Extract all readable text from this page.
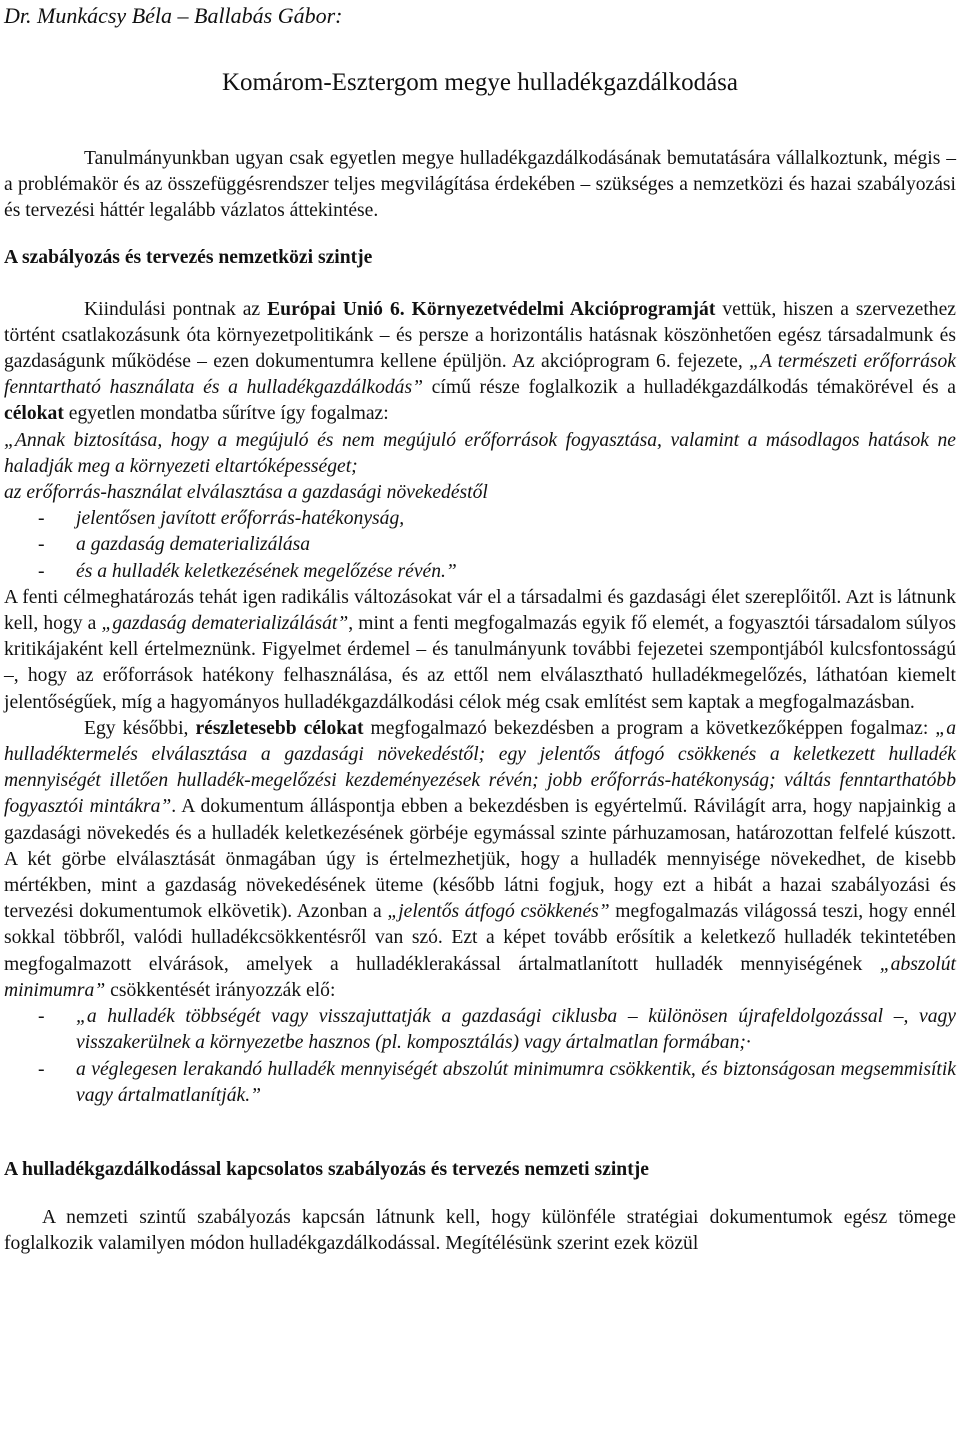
Dr. Munkácsy Béla – Ballabás Gábor:

Komárom-Esztergom megye hulladékgazdálkodása

Tanulmányunkban ugyan csak egyetlen megye hulladékgazdálkodásának bemutatására vállalkoztunk, mégis – a problémakör és az összefüggésrendszer teljes megvilágítása érdekében – szükséges a nemzetközi és hazai szabályozási és tervezési háttér legalább vázlatos áttekintése.

A szabályozás és tervezés nemzetközi szintje

Kiindulási pontnak az Európai Unió 6. Környezetvédelmi Akcióprogramját vettük, hiszen a szervezethez történt csatlakozásunk óta környezetpolitikánk – és persze a horizontális hatásnak köszönhetően egész társadalmunk és gazdaságunk működése – ezen dokumentumra kellene épüljön. Az akcióprogram 6. fejezete, „A természeti erőforrások fenntartható használata és a hulladékgazdálkodás” című része foglalkozik a hulladékgazdálkodás témakörével és a célokat egyetlen mondatba sűrítve így fogalmaz:

„Annak biztosítása, hogy a megújuló és nem megújuló erőforrások fogyasztása, valamint a másodlagos hatások ne haladják meg a környezeti eltartóképességet;

az erőforrás-használat elválasztása a gazdasági növekedéstől

- jelentősen javított erőforrás-hatékonyság,
- a gazdaság dematerializálása
- és a hulladék keletkezésének megelőzése révén.”

A fenti célmeghatározás tehát igen radikális változásokat vár el a társadalmi és gazdasági élet szereplőitől. Azt is látnunk kell, hogy a „gazdaság dematerializálását”, mint a fenti megfogalmazás egyik fő elemét, a fogyasztói társadalom súlyos kritikájaként kell értelmeznünk. Figyelmet érdemel – és tanulmányunk további fejezetei szempontjából kulcsfontosságú –, hogy az erőforrások hatékony felhasználása, és az ettől nem elválasztható hulladékmegelőzés, láthatóan kiemelt jelentőségűek, míg a hagyományos hulladékgazdálkodási célok még csak említést sem kaptak a megfogalmazásban.

Egy későbbi, részletesebb célokat megfogalmazó bekezdésben a program a következőképpen fogalmaz: „a hulladéktermelés elválasztása a gazdasági növekedéstől; egy jelentős átfogó csökkenés a keletkezett hulladék mennyiségét illetően hulladék-megelőzési kezdeményezések révén; jobb erőforrás-hatékonyság; váltás fenntarthatóbb fogyasztói mintákra”. A dokumentum álláspontja ebben a bekezdésben is egyértelmű. Rávilágít arra, hogy napjainkig a gazdasági növekedés és a hulladék keletkezésének görbéje egymással szinte párhuzamosan, határozottan felfelé kúszott. A két görbe elválasztását önmagában úgy is értelmezhetjük, hogy a hulladék mennyisége növekedhet, de kisebb mértékben, mint a gazdaság növekedésének üteme (később látni fogjuk, hogy ezt a hibát a hazai szabályozási és tervezési dokumentumok elkövetik). Azonban a „jelentős átfogó csökkenés” megfogalmazás világossá teszi, hogy ennél sokkal többről, valódi hulladékcsökkentésről van szó. Ezt a képet tovább erősítik a keletkező hulladék tekintetében megfogalmazott elvárások, amelyek a hulladéklerakással ártalmatlanított hulladék mennyiségének „abszolút minimumra” csökkentését irányozzák elő:

- „a hulladék többségét vagy visszajuttatják a gazdasági ciklusba – különösen újrafeldolgozással –, vagy visszakerülnek a környezetbe hasznos (pl. komposztálás) vagy ártalmatlan formában;·
- a véglegesen lerakandó hulladék mennyiségét abszolút minimumra csökkentik, és biztonságosan megsemmisítik vagy ártalmatlanítják.”
A hulladékgazdálkodással kapcsolatos szabályozás és tervezés nemzeti szintje

A nemzeti szintű szabályozás kapcsán látnunk kell, hogy különféle stratégiai dokumentumok egész tömege foglalkozik valamilyen módon hulladékgazdálkodással. Megítélésünk szerint ezek közül
